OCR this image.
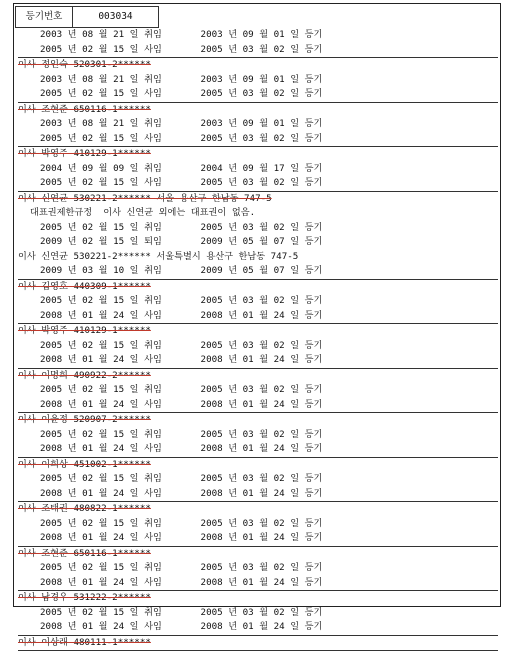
등기번호	003034
2003 년 08 월 21 일 취임       2003 년 09 월 01 일 등기
2005 년 02 월 15 일 사임       2005 년 03 월 02 일 등기
이사 정인숙 520301-2******
2003 년 08 월 21 일 취임       2003 년 09 월 01 일 등기
2005 년 02 월 15 일 사임       2005 년 03 월 02 일 등기
이사 조현준 650116-1******
2003 년 08 월 21 일 취임       2003 년 09 월 01 일 등기
2005 년 02 월 15 일 사임       2005 년 03 월 02 일 등기
이사 박영주 410129-1******
2004 년 09 월 09 일 취임       2004 년 09 월 17 일 등기
2005 년 02 월 15 일 사임       2005 년 03 월 02 일 등기
이사 신연균 530221-2****** 서울 용산구 한남동 747-5
대표권제한규정  이사 신연균 외에는 대표권이 없음.
2005 년 02 월 15 일 취임       2005 년 03 월 02 일 등기
2009 년 02 월 15 일 퇴임       2009 년 05 월 07 일 등기
이사 신연균 530221-2****** 서울특별시 용산구 한남동 747-5
2009 년 03 월 10 일 취임       2009 년 05 월 07 일 등기
이사 김영호 440309-1******
2005 년 02 월 15 일 취임       2005 년 03 월 02 일 등기
2008 년 01 월 24 일 사임       2008 년 01 월 24 일 등기
이사 박영주 410129-1******
2005 년 02 월 15 일 취임       2005 년 03 월 02 일 등기
2008 년 01 월 24 일 사임       2008 년 01 월 24 일 등기
이사 이명희 490922-2******
2005 년 02 월 15 일 취임       2005 년 03 월 02 일 등기
2008 년 01 월 24 일 사임       2008 년 01 월 24 일 등기
이사 이윤정 520907-2******
2005 년 02 월 15 일 취임       2005 년 03 월 02 일 등기
2008 년 01 월 24 일 사임       2008 년 01 월 24 일 등기
이사 이희상 451002-1******
2005 년 02 월 15 일 취임       2005 년 03 월 02 일 등기
2008 년 01 월 24 일 사임       2008 년 01 월 24 일 등기
이사 조태권 480822-1******
2005 년 02 월 15 일 취임       2005 년 03 월 02 일 등기
2008 년 01 월 24 일 사임       2008 년 01 월 24 일 등기
이사 조현준 650116-1******
2005 년 02 월 15 일 취임       2005 년 03 월 02 일 등기
2008 년 01 월 24 일 사임       2008 년 01 월 24 일 등기
이사 남경우 531222-2******
2005 년 02 월 15 일 취임       2005 년 03 월 02 일 등기
2008 년 01 월 24 일 사임       2008 년 01 월 24 일 등기
이사 이상래 480111-1******
